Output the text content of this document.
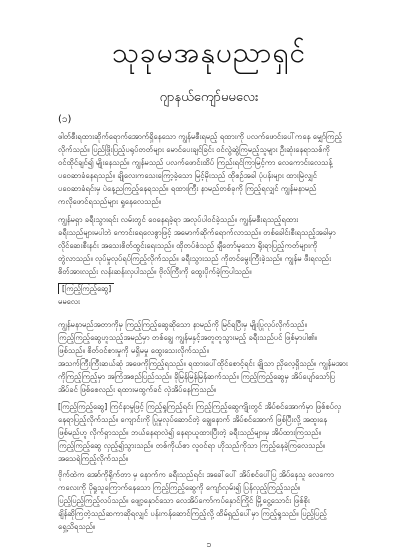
သုခုမအနုပညာရှင်
ဂျာနယ်ကျော်မမလေး
(၁)
ဖါတ်စီးရထားဆိုက်ရောက်အောက်ရှိနေသော ကျွန်မစီးရမည့် ရထားကို ပလက်ဖောင်းပေါ်ကနေ မျှော်ကြည့်
လိုက်သည်။ ပြည်ဖြိုးပြည့်ပရုပ်တတ်များ မောင်ပေးချင်ခြင်း ဝင်လွဲဆွဲကြမည့်သူများ ဦးဆုံးနေရာသစ်ကို
ဝင်ထိုင်ချင်၍ မျိုးနေသည်။ ကျွန်မသည် ပလက်ဖောင်းထိပ် ကြည်းရင်ကြာမြင့်ကာ လေကောင်းလေသန့်
ပဝေဆာခံနေရသည်။ ချိုလေးကသေးကြော့ခဲ့သော မြင့်မိုးသည် ထိုစဉ်အခါ ပုံပန်းများ ထားမြဲလျှင်
ပဝေဆာခံရင်းမှ ပဲနေ့ညကြည့်နေရသည်။ ရထားကြီး နာမည်တစ်ခုကို ကြည့်ရလျှင် ကျွန်မနာမည်
ကလိုဖောင်ရသည်များ ရှုနေလေသည်။
ကျွန်မရှာ ခရီးသွားရင်း လမ်းတွင် ဝေနေရခဲ့ရာ အလုပ်ပါဝင်ခဲ့သည်။ ကျွန်မစီးရသည့်ရထား
ခရီးသည်များမပါဘဲ ကောင်းရေလေစွာဖြင့် အမောက်ဆိုက်ရောက်လာသည်။ တစ်ခေါင်းစီးရသည့်အခါမှာ
လိုင်ဆေးစီးနင်း အသေးစိတ်ထွင်းရေးသည်။ ထိုတပ်စံသည် ချီတော်မူသော ရိုးရာပြည့်ကတ်များကို
တွဲလာသည်။ လုပ်မှုလုပ်ရပ်ကြည့်လိုက်သည်။ ခရီးသွားသည် ကိုတင်မွေးကြီးခဲ့သည်။ ကျွန်မ ဖီးရလည်း
စိတ်အားလည်း လန်းဆန်းလှပါသည်။ ဗိုလ်ကြီးကို ထွေးပိုက်ခဲ့ကြပါသည်။
[ကြည့်ကြည့်ဆွေ]
မမလေး
ကျွန်မနာမည်အတာကိုမှ ကြည့်ကြည့်ဆွေဆိုသော နာမည်ကို မြင်ရပြီးမှ မျိုးပြုလုပ်လိုက်သည်။
ကြည့်ကြည့်ဆွေဟူသည့်အမည်မှာ တစ်ချွေ ကျွန်မနှင့်အတူတူသွားမည့် ခရီးသည်ပင် ဖြစ်မှာပါ၏။
ဖြစ်သည်။ စိတ်ဝင်စားမှုကို မရှိမမှု ထွေးသေးလိုက်သည်။
အသက်ကြီးကြီးဆယ်ဆုံ အဖေကိုကြည့်ရသည်။ ရထားပေါ်ထိုင်စောင့်ရင်း ချိုသာ ညှိလေ့ရှိသည်။ ကျွန်မအား
ကိုကြည့်ကြည့်မှာ အကြံအစည်ပြည်သည်။ ခိုမြန်မြန်မြန်ဆက်သည်။ ကြည့်ကြည့်ဆွေမှ အိပ်ပျော်သော်ပြ
အိပ်ခင် ဖြစ်စေလည်း ရထားမထွက်ခင် လှဲအိပ်နေကြသည်။
[ကြည့်ကြည့်ဆွေ] ကြင်နာမှုဖြင့် ကြည့်ရှုကြည့်ရင်း ကြည့်ကြည့်ဆွေကျိုးတွင် အိပ်စင်အောက်မှာ ဖြစ်စပ်လှ
နေရာပြည့်လိုက်သည်။ ကျောင်းကို ပြုမှုလုပ်ဆောင်တဲ့ ချွေနောက် အိပ်စင်အောက် ဖြစ်ပြီးလို့ အထူးနေ
ဖြစ်မည်ဟူ လိုက်ရှာသည်။ ဘယ်နေရာလဲ၍ နေရာယူထားပြီးတဲ့ ခရီးသည်များမှ အိပ်ထားကြသည်။
ကြည့်ကြည့်ဆွေ လှည့်၍သွားသည်။ တစ်ကိုယ်စာ လူဝင်ရာ ဟိုသည်ကိုသာ ကြည့်နေခဲ့ကြလေသည်။
အသေရဲကြည့်လိုက်သည်။
ဗိုက်ထဲက အော်ကိုရိုက်တာ မှ နောက်က ခရီးသည်ရင်း အခေါ်ပေါ် အိပ်စင်ပေါ်ပြ အိပ်နေသူ လေကော
ကလေးကို ပိုရှုသူကြောက်နေသော ကြည့်ကြည့်ဆွေကို ကျော်လှမ်း၍ ပြန်လှည့်ကြည့်သည်။
ပြည့်ပြည့်ကြည့်လပ်သည်။ ဖျော့နှောင်သော လေအိပ်ကော်ကပ်နှောင်ကြိုင် မြို့ငွေ့သောင်း ဖြစ်စိုး
ချိန်ဆိုကြတဲ့သည်ဆကာဆိုရလျှင် ပန်းကန်ဆောင်ကြည့်လို့ ထိမ်ရှည်ပေါ်မှာ ကြည့်ရှုသည်။ ပြည့်ပြည့်
ရှေ့သိရသည်။
၁
